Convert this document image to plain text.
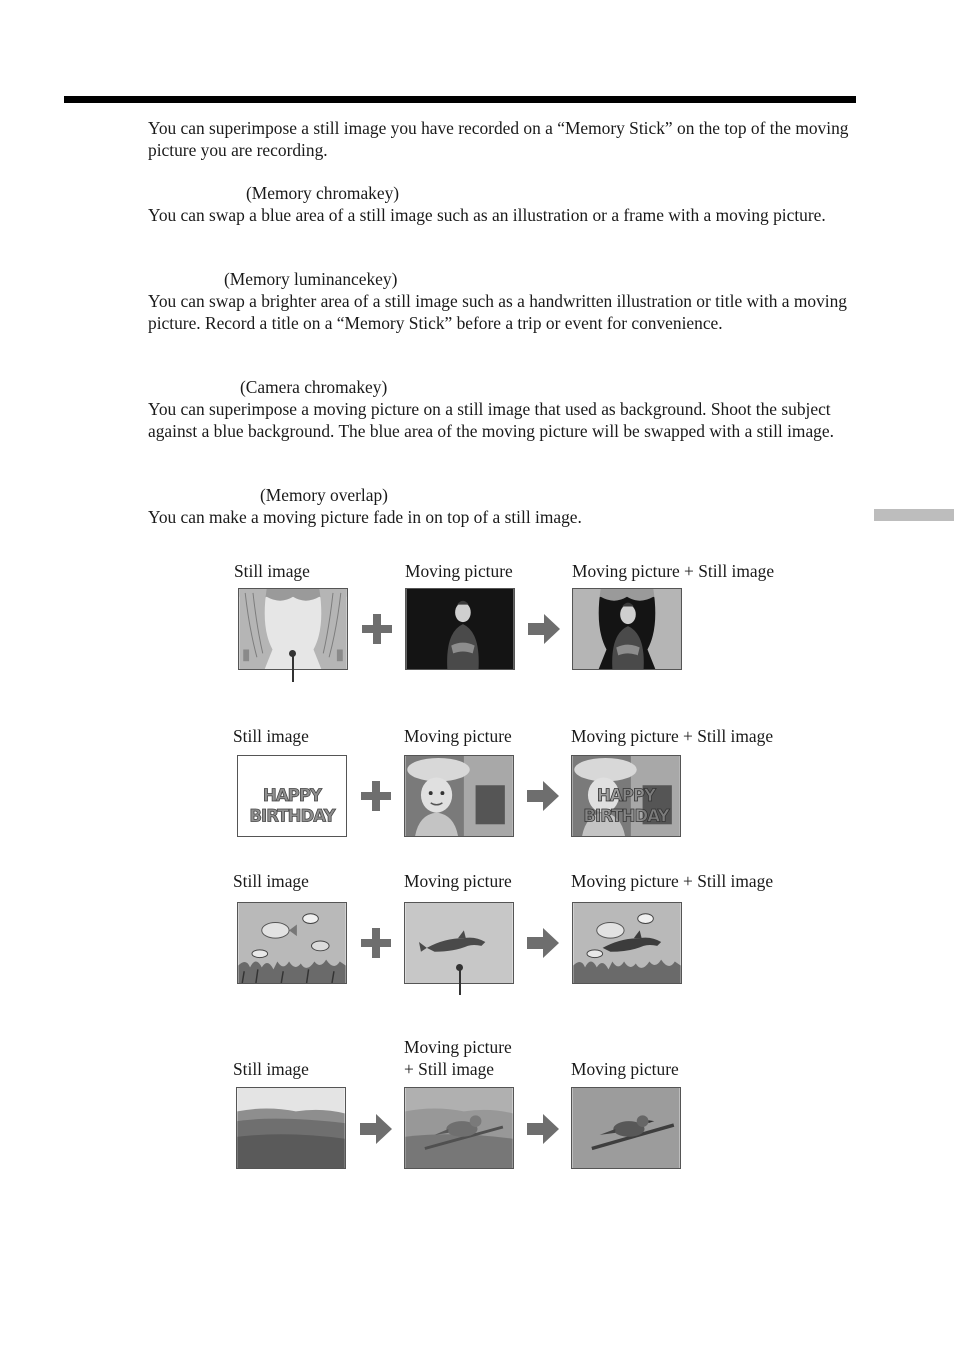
You can superimpose a still image you have recorded on a “Memory Stick” on the top of the moving picture you are recording.

(Memory chromakey)

You can swap a blue area of a still image such as an illustration or a frame with a moving picture.

(Memory luminancekey)

You can swap a brighter area of a still image such as a handwritten illustration or title with a moving picture. Record a title on a “Memory Stick” before a trip or event for convenience.

(Camera chromakey)

You can superimpose a moving picture on a still image that used as background. Shoot the subject against a blue background. The blue area of the moving picture will be swapped with a still image.

(Memory overlap)

You can make a moving picture fade in on top of a still image.

Still image	Moving picture	Moving picture + Still image
Still image	Moving picture	Moving picture + Still image
HAPPY
BIRTHDAY
HAPPY
BIRTHDAY
Still image	Moving picture	Moving picture + Still image
Still image
Moving picture
+ Still image	Moving picture
